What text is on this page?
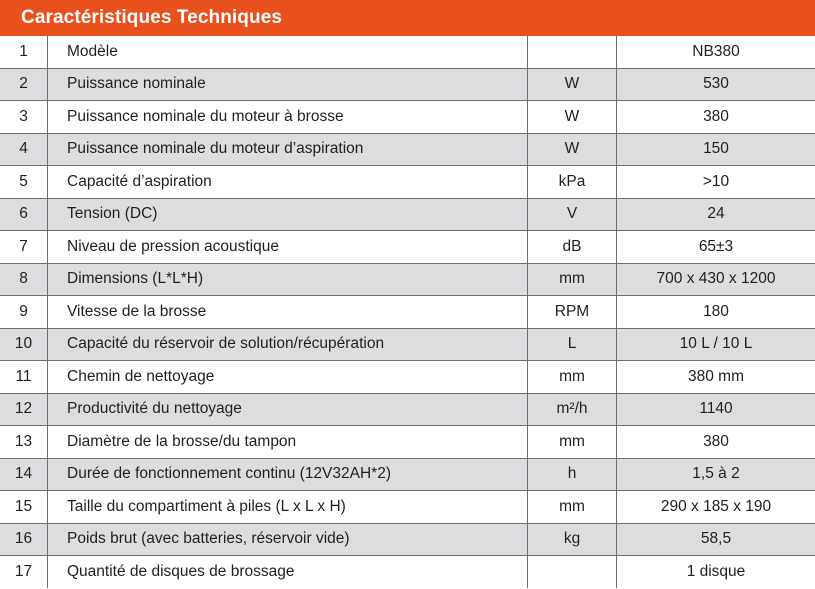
Caractéristiques Techniques
1	Modèle		NB380
2	Puissance nominale	W	530
3	Puissance nominale du moteur à brosse	W	380
4	Puissance nominale du moteur d’aspiration	W	150
5	Capacité d’aspiration	kPa	>10
6	Tension (DC)	V	24
7	Niveau de pression acoustique	dB	65±3
8	Dimensions (L*L*H)	mm	700 x 430 x 1200
9	Vitesse de la brosse	RPM	180
10	Capacité du réservoir de solution/récupération	L	10 L / 10 L
11	Chemin de nettoyage	mm	380 mm
12	Productivité du nettoyage	m²/h	1140
13	Diamètre de la brosse/du tampon	mm	380
14	Durée de fonctionnement continu (12V32AH*2)	h	1,5 à 2
15	Taille du compartiment à piles (L x L x H)	mm	290 x 185 x 190
16	Poids brut (avec batteries, réservoir vide)	kg	58,5
17	Quantité de disques de brossage		1 disque
